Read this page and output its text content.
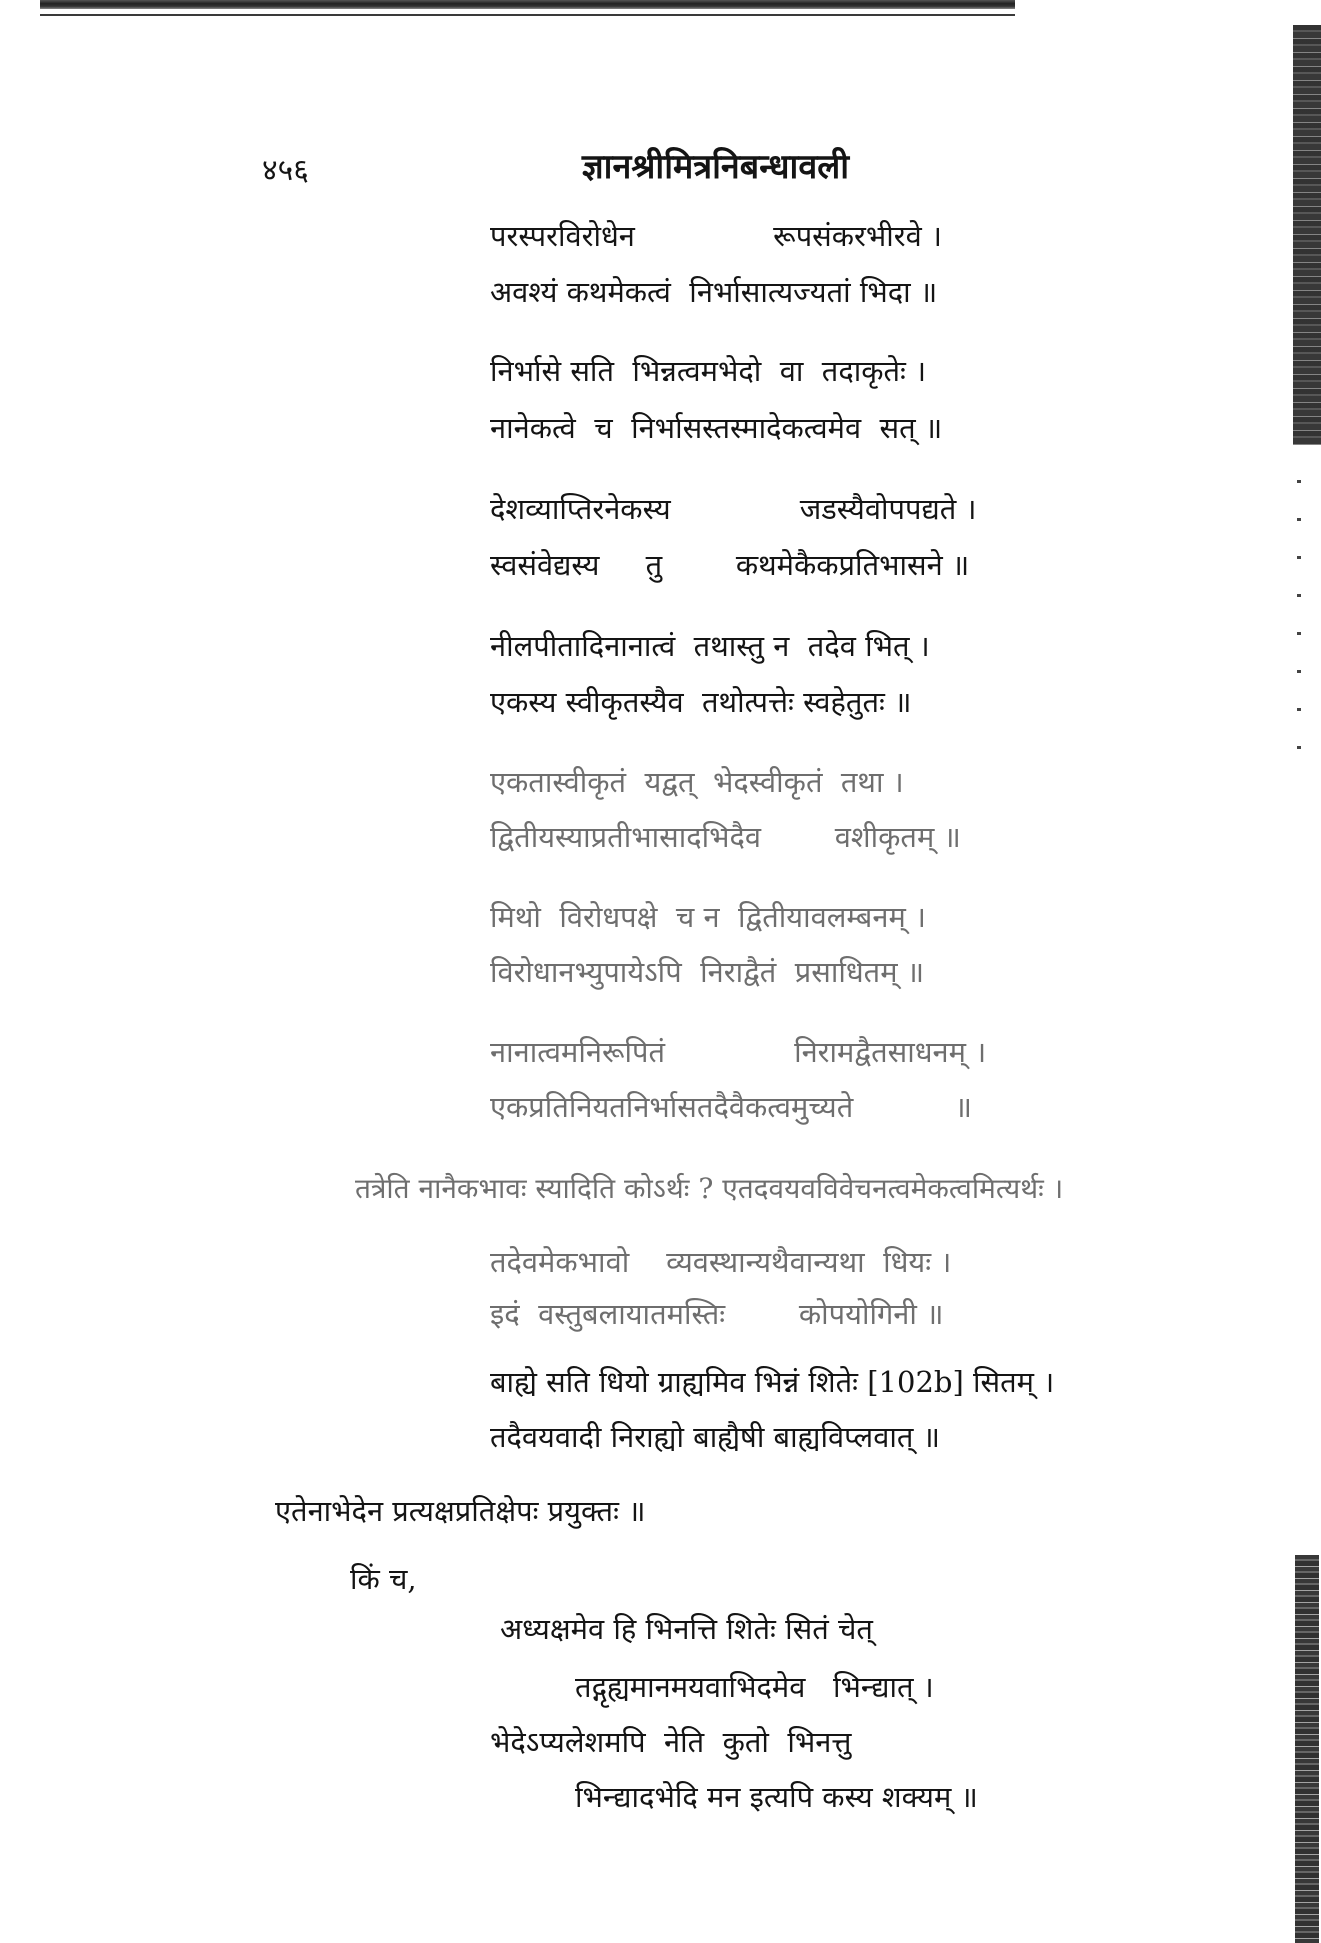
४५६	ज्ञानश्रीमित्रनिबन्धावली
परस्परविरोधेन               रूपसंकरभीरवे ।
अवश्यं कथमेकत्वं  निर्भासात्यज्यतां भिदा ॥
निर्भासे सति  भिन्नत्वमभेदो  वा  तदाकृतेः ।
नानेकत्वे  च  निर्भासस्तस्मादेकत्वमेव  सत् ॥
देशव्याप्तिरनेकस्य              जडस्यैवोपपद्यते ।
स्वसंवेद्यस्य     तु        कथमेकैकप्रतिभासने ॥
नीलपीतादिनानात्वं  तथास्तु न  तदेव भित् ।
एकस्य स्वीकृतस्यैव  तथोत्पत्तेः स्वहेतुतः ॥
एकतास्वीकृतं  यद्वत्  भेदस्वीकृतं  तथा ।
द्वितीयस्याप्रतीभासादभिदैव        वशीकृतम् ॥
मिथो  विरोधपक्षे  च न  द्वितीयावलम्बनम् ।
विरोधानभ्युपायेऽपि  निराद्वैतं  प्रसाधितम् ॥
नानात्वमनिरूपितं              निरामद्वैतसाधनम् ।
एकप्रतिनियतनिर्भासतदैवैकत्वमुच्यते           ॥
तत्रेति नानैकभावः स्यादिति कोऽर्थः ? एतदवयवविवेचनत्वमेकत्वमित्यर्थः ।
तदेवमेकभावो    व्यवस्थान्यथैवान्यथा  धियः ।
इदं  वस्तुबलायातमस्तिः        कोपयोगिनी ॥
बाह्ये सति धियो ग्राह्यमिव भिन्नं शितेः [102b] सितम् ।
तदैवयवादी निराह्यो बाह्यैषी बाह्यविप्लवात् ॥
एतेनाभेदेन प्रत्यक्षप्रतिक्षेपः प्रयुक्तः ॥
किं च,
अध्यक्षमेव हि भिनत्ति शितेः सितं चेत्
तद्गृह्यमानमयवाभिदमेव   भिन्द्यात् ।
भेदेऽप्यलेशमपि  नेति  कुतो  भिनत्तु
भिन्द्यादभेदि मन इत्यपि कस्य शक्यम् ॥
